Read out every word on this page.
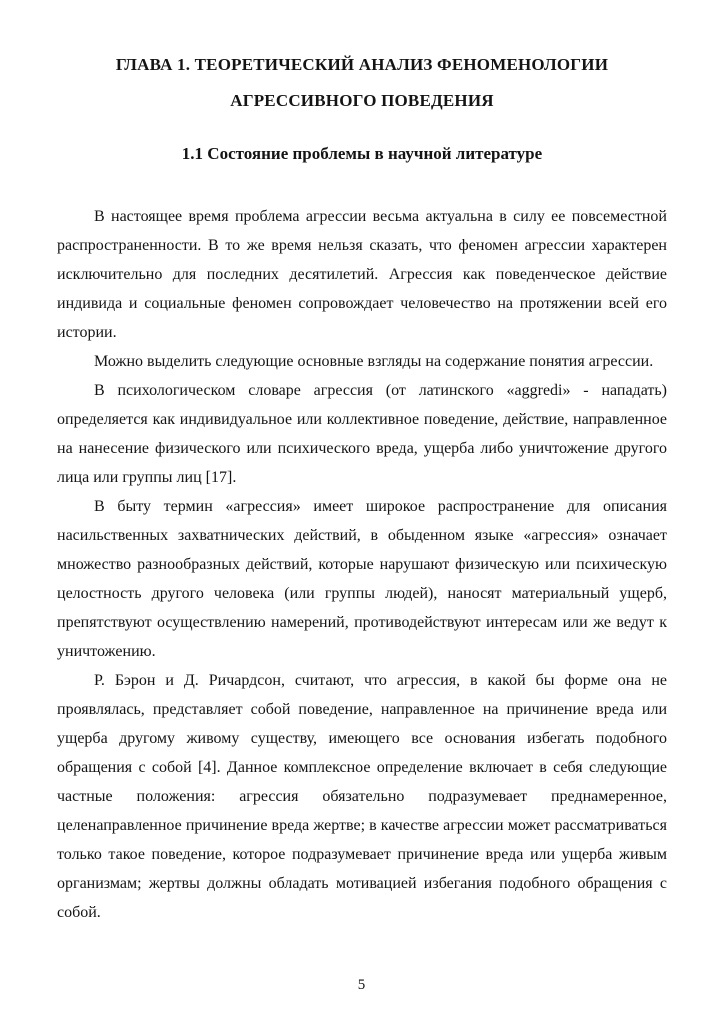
ГЛАВА 1. ТЕОРЕТИЧЕСКИЙ АНАЛИЗ ФЕНОМЕНОЛОГИИ
АГРЕССИВНОГО ПОВЕДЕНИЯ
1.1 Состояние проблемы в научной литературе

В настоящее время проблема агрессии весьма актуальна в силу ее повсеместной распространенности. В то же время нельзя сказать, что феномен агрессии характерен исключительно для последних десятилетий. Агрессия как поведенческое действие индивида и социальные феномен сопровождает человечество на протяжении всей его истории.

Можно выделить следующие основные взгляды на содержание понятия агрессии.

В психологическом словаре агрессия (от латинского «aggredi» - нападать) определяется как индивидуальное или коллективное поведение, действие, направленное на нанесение физического или психического вреда, ущерба либо уничтожение другого лица или группы лиц [17].

В быту термин «агрессия» имеет широкое распространение для описания насильственных захватнических действий, в обыденном языке «агрессия» означает множество разнообразных действий, которые нарушают физическую или психическую целостность другого человека (или группы людей), наносят материальный ущерб, препятствуют осуществлению намерений, противодействуют интересам или же ведут к уничтожению.

Р. Бэрон и Д. Ричардсон, считают, что агрессия, в какой бы форме она не проявлялась, представляет собой поведение, направленное на причинение вреда или ущерба другому живому существу, имеющего все основания избегать подобного обращения с собой [4]. Данное комплексное определение включает в себя следующие частные положения: агрессия обязательно подразумевает преднамеренное, целенаправленное причинение вреда жертве; в качестве агрессии может рассматриваться только такое поведение, которое подразумевает причинение вреда или ущерба живым организмам; жертвы должны обладать мотивацией избегания подобного обращения с собой.

5
